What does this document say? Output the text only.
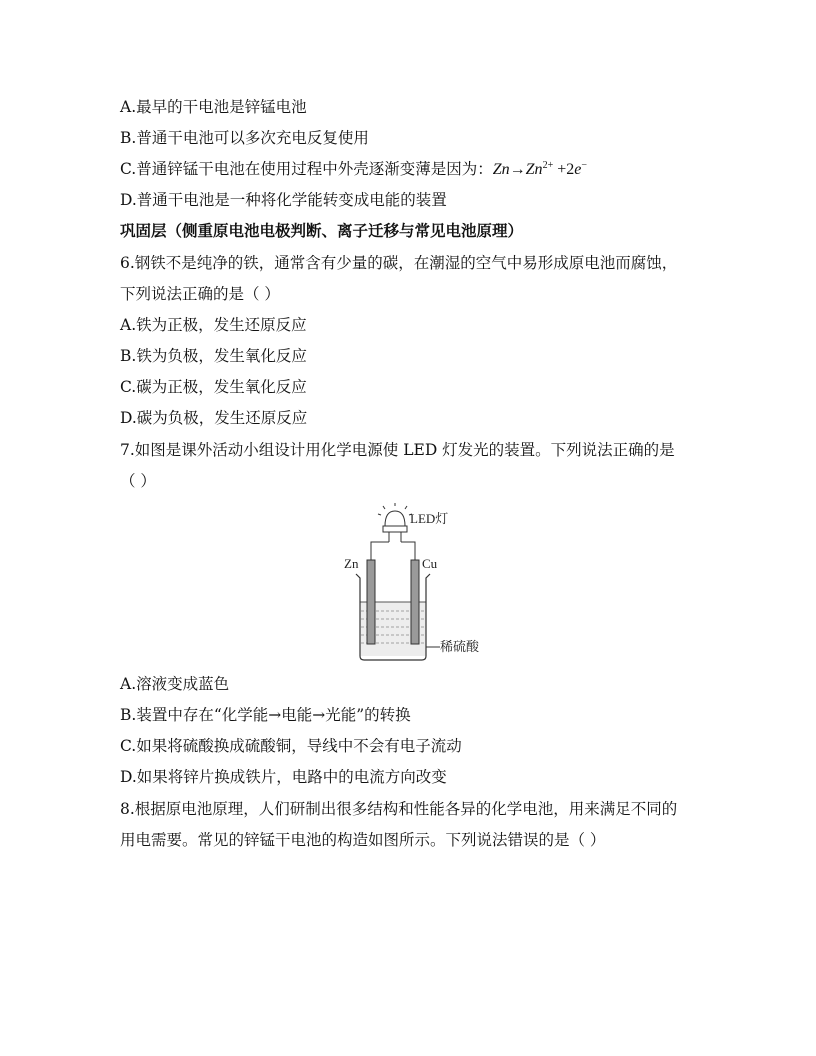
A.最早的干电池是锌锰电池
B.普通干电池可以多次充电反复使用
C.普通锌锰干电池在使用过程中外壳逐渐变薄是因为：$Zn\to Zn^{2+} +2e^-$
D.普通干电池是一种将化学能转变成电能的装置
巩固层（侧重原电池电极判断、离子迁移与常见电池原理）
6.钢铁不是纯净的铁，通常含有少量的碳，在潮湿的空气中易形成原电池而腐蚀，
下列说法正确的是（ ）
A.铁为正极，发生还原反应
B.铁为负极，发生氧化反应
C.碳为正极，发生氧化反应
D.碳为负极，发生还原反应
7.如图是课外活动小组设计用化学电源使 LED 灯发光的装置。下列说法正确的是
（ ）
LED灯
Zn	Cu
稀硫酸
A.溶液变成蓝色
B.装置中存在“化学能→电能→光能”的转换
C.如果将硫酸换成硫酸铜，导线中不会有电子流动
D.如果将锌片换成铁片，电路中的电流方向改变
8.根据原电池原理，人们研制出很多结构和性能各异的化学电池，用来满足不同的
用电需要。常见的锌锰干电池的构造如图所示。下列说法错误的是（ ）
